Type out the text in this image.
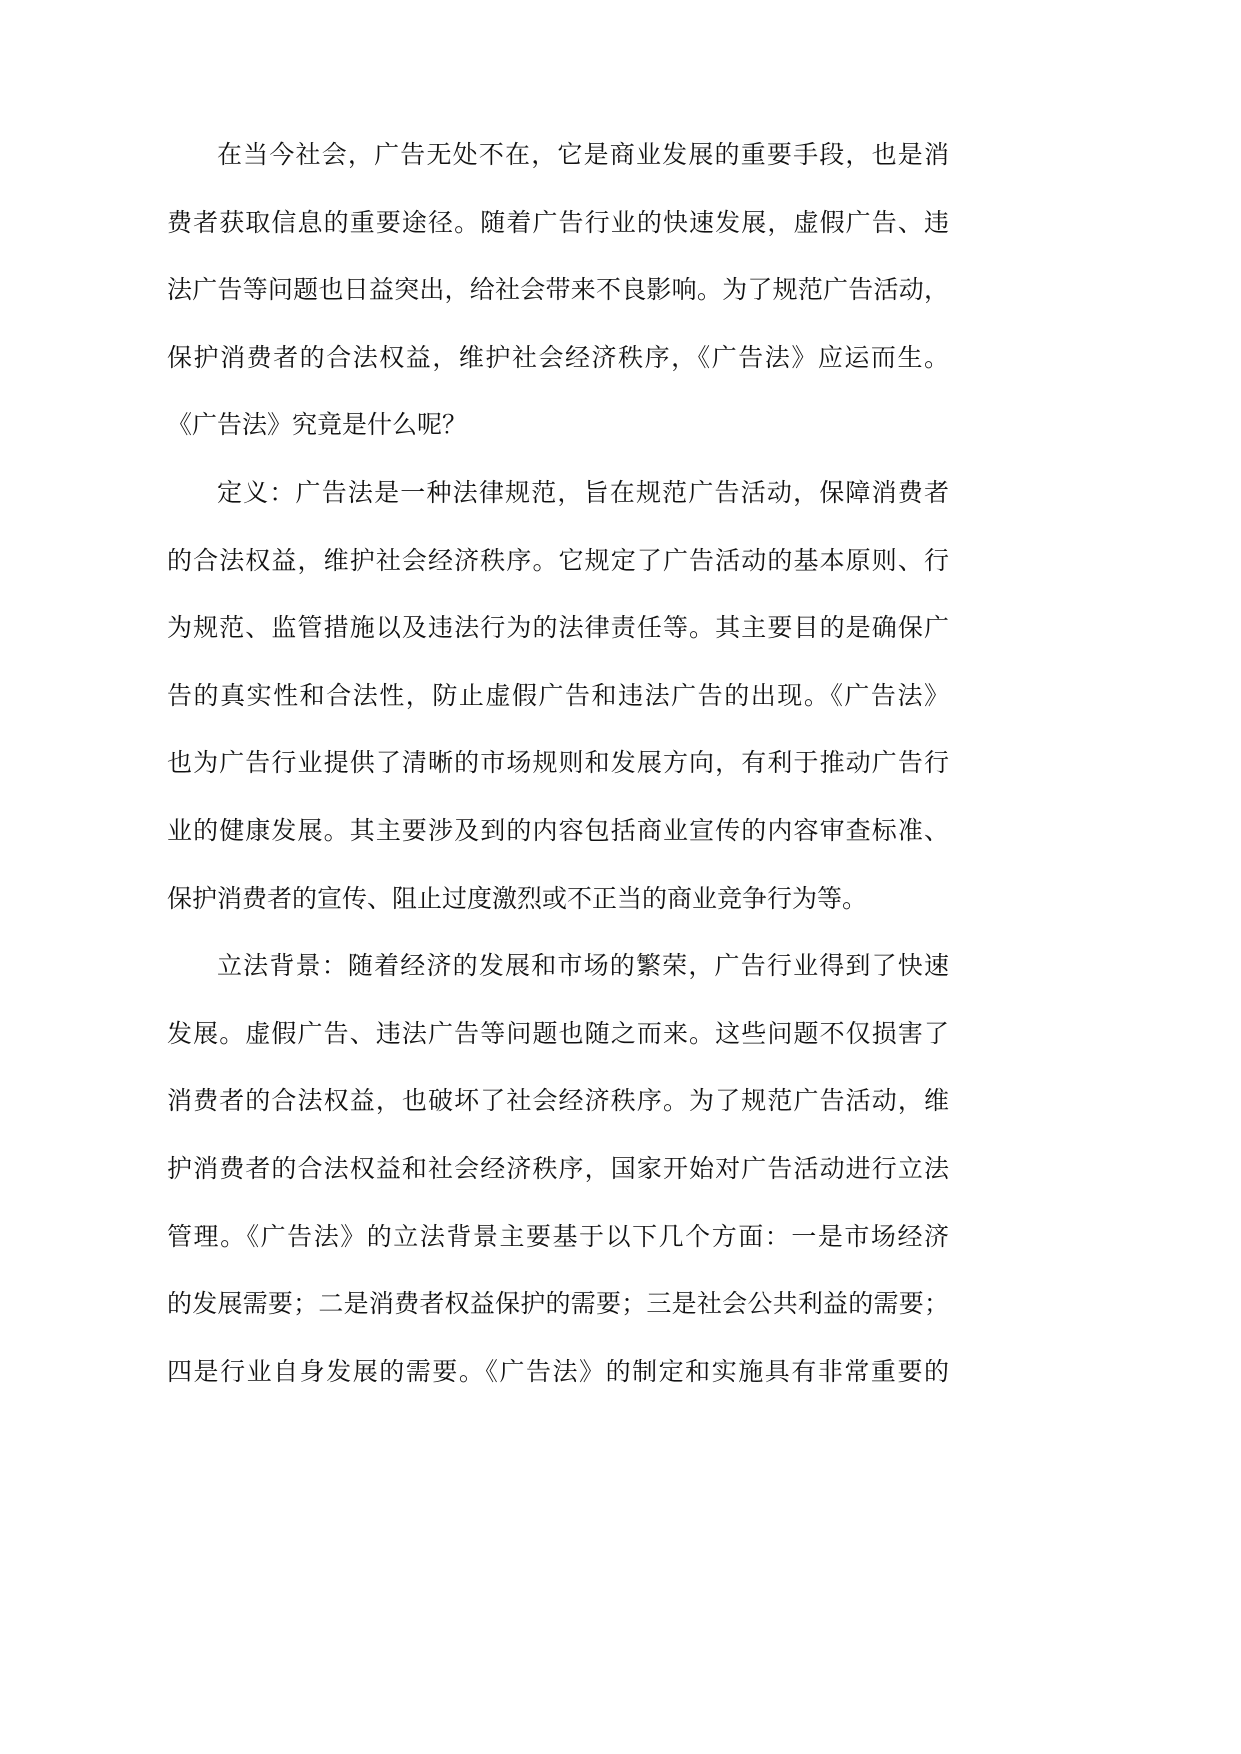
在当今社会，广告无处不在，它是商业发展的重要手段，也是消
费者获取信息的重要途径。随着广告行业的快速发展，虚假广告、违
法广告等问题也日益突出，给社会带来不良影响。为了规范广告活动，
保护消费者的合法权益，维护社会经济秩序，《广告法》应运而生。
《广告法》究竟是什么呢？
定义：广告法是一种法律规范，旨在规范广告活动，保障消费者
的合法权益，维护社会经济秩序。它规定了广告活动的基本原则、行
为规范、监管措施以及违法行为的法律责任等。其主要目的是确保广
告的真实性和合法性，防止虚假广告和违法广告的出现。《广告法》
也为广告行业提供了清晰的市场规则和发展方向，有利于推动广告行
业的健康发展。其主要涉及到的内容包括商业宣传的内容审查标准、
保护消费者的宣传、阻止过度激烈或不正当的商业竞争行为等。
立法背景：随着经济的发展和市场的繁荣，广告行业得到了快速
发展。虚假广告、违法广告等问题也随之而来。这些问题不仅损害了
消费者的合法权益，也破坏了社会经济秩序。为了规范广告活动，维
护消费者的合法权益和社会经济秩序，国家开始对广告活动进行立法
管理。《广告法》的立法背景主要基于以下几个方面：一是市场经济
的发展需要；二是消费者权益保护的需要；三是社会公共利益的需要；
四是行业自身发展的需要。《广告法》的制定和实施具有非常重要的
